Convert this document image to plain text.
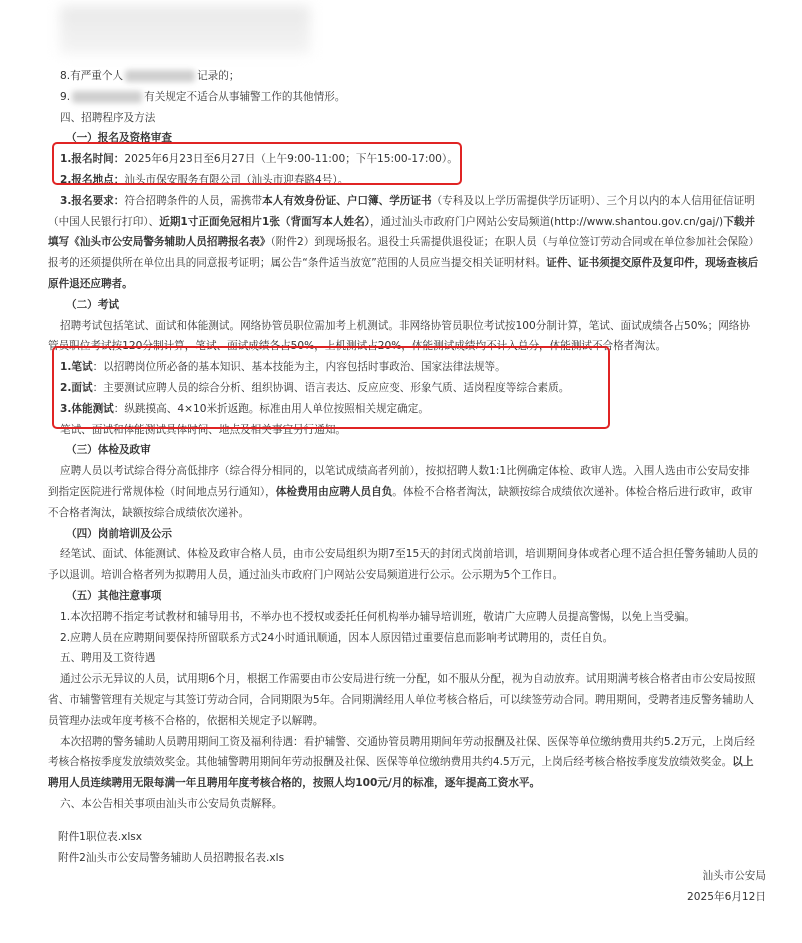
8.有严重个人	记录的；

9.	有关规定不适合从事辅警工作的其他情形。

四、招聘程序及方法

（一）报名及资格审查

1.报名时间：2025年6月23日至6月27日（上午9:00-11:00；下午15:00-17:00）。

2.报名地点：汕头市保安服务有限公司（汕头市迎春路4号）。

3.报名要求：符合招聘条件的人员，需携带本人有效身份证、户口簿、学历证书（专科及以上学历需提供学历证明）、三个月以内的本人信用征信证明（中国人民银行打印）、近期1寸正面免冠相片1张（背面写本人姓名），通过汕头市政府门户网站公安局频道(http://www.shantou.gov.cn/gaj/)下载并填写《汕头市公安局警务辅助人员招聘报名表》（附件2）到现场报名。退役士兵需提供退役证；在职人员（与单位签订劳动合同或在单位参加社会保险）报考的还须提供所在单位出具的同意报考证明；属公告“条件适当放宽”范围的人员应当提交相关证明材料。证件、证书须提交原件及复印件，现场查核后原件退还应聘者。

（二）考试

招聘考试包括笔试、面试和体能测试。网络协管员职位需加考上机测试。非网络协管员职位考试按100分制计算，笔试、面试成绩各占50%；网络协管员职位考试按120分制计算，笔试、面试成绩各占50%，上机测试占20%，体能测试成绩均不计入总分，体能测试不合格者淘汰。

1.笔试：以招聘岗位所必备的基本知识、基本技能为主，内容包括时事政治、国家法律法规等。

2.面试：主要测试应聘人员的综合分析、组织协调、语言表达、反应应变、形象气质、适岗程度等综合素质。

3.体能测试：纵跳摸高、4×10米折返跑。标准由用人单位按照相关规定确定。

笔试、面试和体能测试具体时间、地点及相关事宜另行通知。

（三）体检及政审

应聘人员以考试综合得分高低排序（综合得分相同的，以笔试成绩高者列前），按拟招聘人数1:1比例确定体检、政审人选。入围人选由市公安局安排到指定医院进行常规体检（时间地点另行通知），体检费用由应聘人员自负。体检不合格者淘汰，缺额按综合成绩依次递补。体检合格后进行政审，政审不合格者淘汰，缺额按综合成绩依次递补。

（四）岗前培训及公示

经笔试、面试、体能测试、体检及政审合格人员，由市公安局组织为期7至15天的封闭式岗前培训，培训期间身体或者心理不适合担任警务辅助人员的予以退训。培训合格者列为拟聘用人员，通过汕头市政府门户网站公安局频道进行公示。公示期为5个工作日。

（五）其他注意事项

1.本次招聘不指定考试教材和辅导用书，不举办也不授权或委托任何机构举办辅导培训班，敬请广大应聘人员提高警惕，以免上当受骗。

2.应聘人员在应聘期间要保持所留联系方式24小时通讯顺通，因本人原因错过重要信息而影响考试聘用的，责任自负。

五、聘用及工资待遇

通过公示无异议的人员，试用期6个月，根据工作需要由市公安局进行统一分配，如不服从分配，视为自动放弃。试用期满考核合格者由市公安局按照省、市辅警管理有关规定与其签订劳动合同，合同期限为5年。合同期满经用人单位考核合格后，可以续签劳动合同。聘用期间，受聘者违反警务辅助人员管理办法或年度考核不合格的，依据相关规定予以解聘。

本次招聘的警务辅助人员聘用期间工资及福利待遇：看护辅警、交通协管员聘用期间年劳动报酬及社保、医保等单位缴纳费用共约5.2万元，上岗后经考核合格按季度发放绩效奖金。其他辅警聘用期间年劳动报酬及社保、医保等单位缴纳费用共约4.5万元，上岗后经考核合格按季度发放绩效奖金。以上聘用人员连续聘用无限每满一年且聘用年度考核合格的，按照人均100元/月的标准，逐年提高工资水平。

六、本公告相关事项由汕头市公安局负责解释。

附件1职位表.xlsx
附件2汕头市公安局警务辅助人员招聘报名表.xls
汕头市公安局
2025年6月12日
